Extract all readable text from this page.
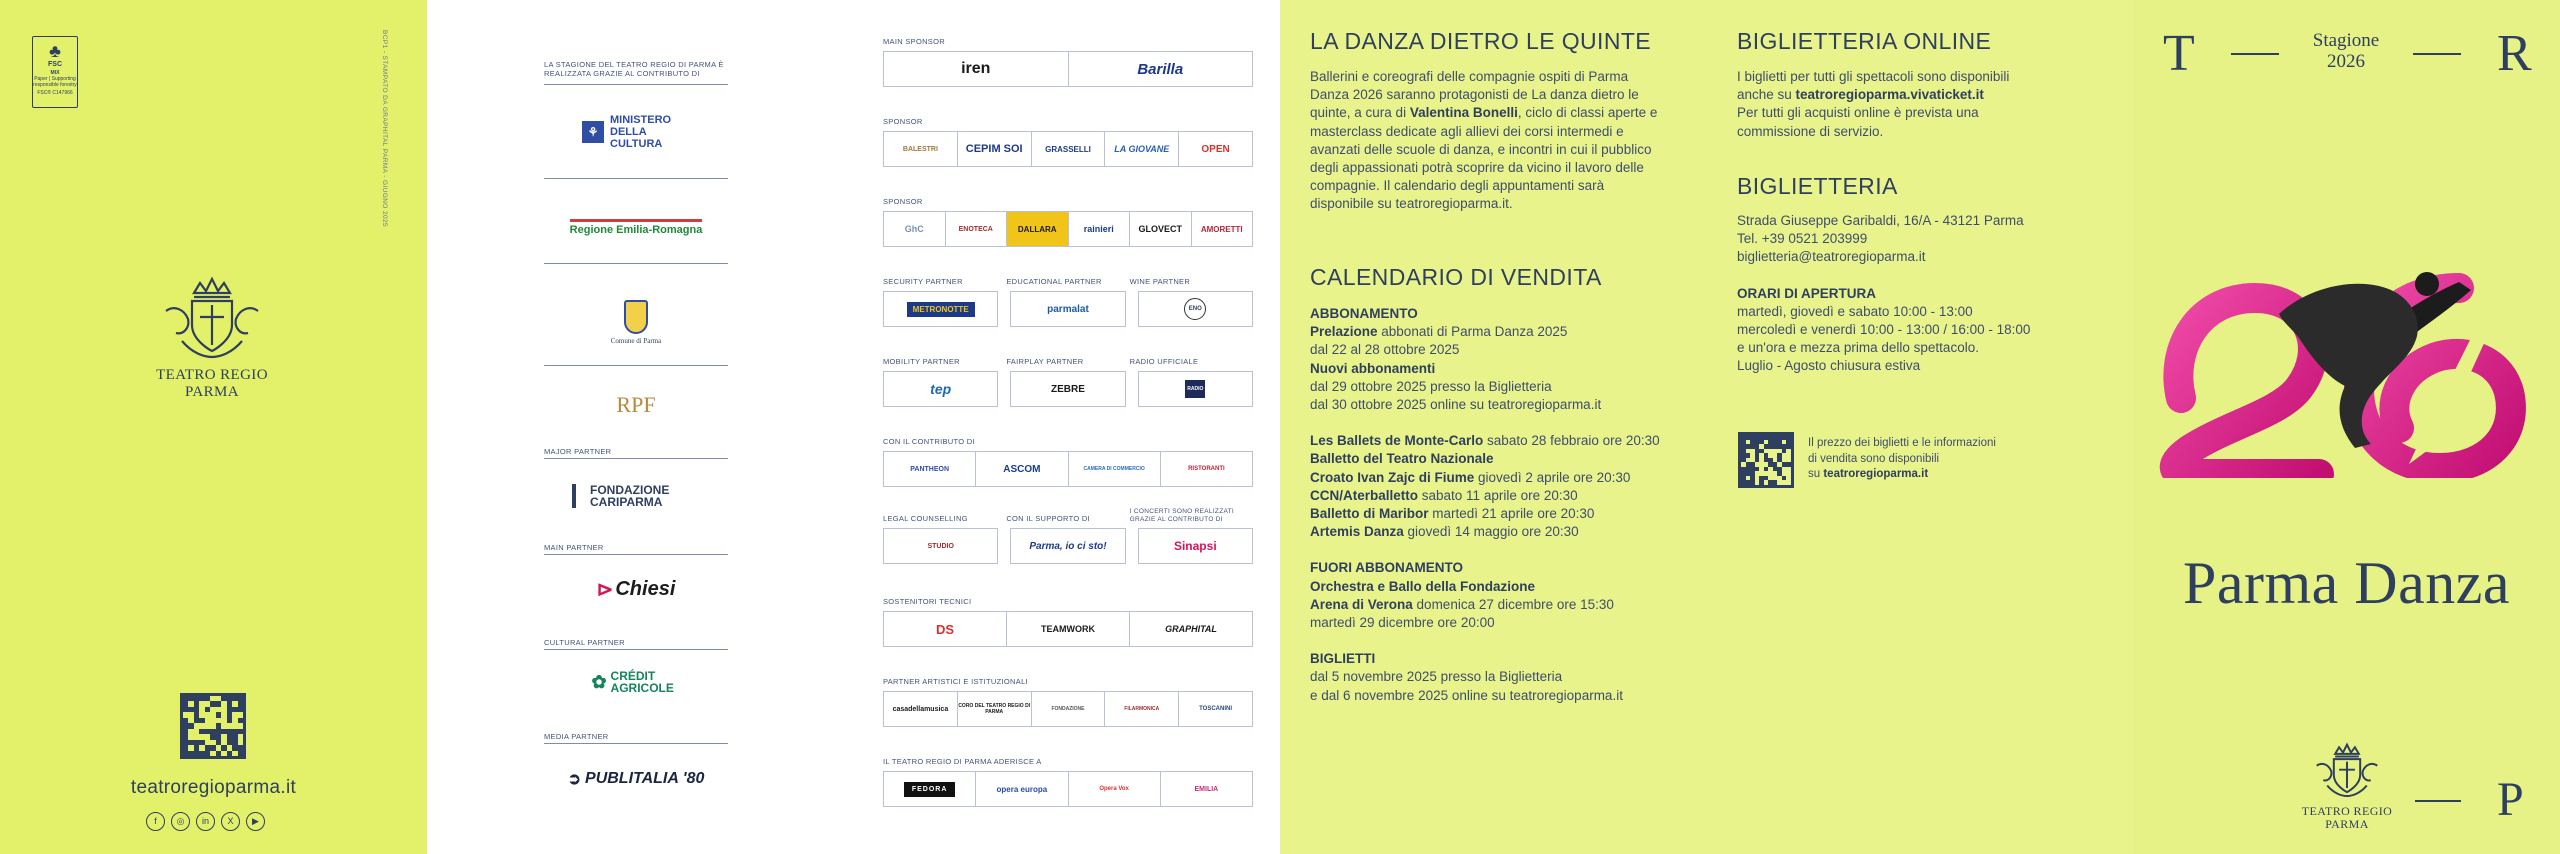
♣
FSC
MIX
Paper | Supporting responsible forestry
FSC® C147966	BCP1 - STAMPATO DA GRAPHITAL PARMA - GIUGNO 2025
TEATRO REGIO
PARMA
teatroregioparma.it
f	◎	in	X	▶
LA STAGIONE DEL TEATRO REGIO DI PARMA È REALIZZATA GRAZIE AL CONTRIBUTO DI
⚘
MINISTERO DELLA CULTURA
Regione Emilia-Romagna
Comune di Parma
RPF
MAJOR PARTNER
FONDAZIONE CARIPARMA
MAIN PARTNER
⊳ Chiesi
CULTURAL PARTNER
✿ CRÉDIT AGRICOLE
MEDIA PARTNER
➲ PUBLITALIA '80
MAIN SPONSOR
iren	Barilla
SPONSOR
BALESTRI	CEPIM SOI	GRASSELLI	LA GIOVANE	OPEN
SPONSOR
GhC	ENOTECA	DALLARA	rainieri	GLOVECT	AMORETTI
SECURITY PARTNER	EDUCATIONAL PARTNER	WINE PARTNER
METRONOTTE	parmalat	ENO
MOBILITY PARTNER	FAIRPLAY PARTNER	RADIO UFFICIALE
tep	ZEBRE	RADIO
CON IL CONTRIBUTO DI
PANTHEON	ASCOM	CAMERA DI COMMERCIO	RISTORANTI
LEGAL COUNSELLING	CON IL SUPPORTO DI
I CONCERTI SONO REALIZZATI GRAZIE AL CONTRIBUTO DI
STUDIO	Parma, io ci sto!	Sinapsi
SOSTENITORI TECNICI
DS	TEAMWORK	GRAPHITAL
PARTNER ARTISTICI E ISTITUZIONALI
casadellamusica	CORO DEL TEATRO REGIO DI PARMA	FONDAZIONE	FILARMONICA	TOSCANINI
IL TEATRO REGIO DI PARMA ADERISCE A
FEDORA	opera europa	Opera Vox	EMILIA
LA DANZA DIETRO LE QUINTE
Ballerini e coreografi delle compagnie ospiti di Parma Danza 2026 saranno protagonisti de La danza dietro le quinte, a cura di Valentina Bonelli, ciclo di classi aperte e masterclass dedicate agli allievi dei corsi intermedi e avanzati delle scuole di danza, e incontri in cui il pubblico degli appassionati potrà scoprire da vicino il lavoro delle compagnie. Il calendario degli appuntamenti sarà disponibile su teatroregioparma.it.
CALENDARIO DI VENDITA
ABBONAMENTO
Prelazione abbonati di Parma Danza 2025
dal 22 al 28 ottobre 2025
Nuovi abbonamenti
dal 29 ottobre 2025 presso la Biglietteria
dal 30 ottobre 2025 online su teatroregioparma.it
Les Ballets de Monte-Carlo sabato 28 febbraio ore 20:30
Balletto del Teatro Nazionale
Croato Ivan Zajc di Fiume giovedì 2 aprile ore 20:30
CCN/Aterballetto sabato 11 aprile ore 20:30
Balletto di Maribor martedì 21 aprile ore 20:30
Artemis Danza giovedì 14 maggio ore 20:30
FUORI ABBONAMENTO
Orchestra e Ballo della Fondazione
Arena di Verona domenica 27 dicembre ore 15:30
martedì 29 dicembre ore 20:00
BIGLIETTI
dal 5 novembre 2025 presso la Biglietteria
e dal 6 novembre 2025 online su teatroregioparma.it
BIGLIETTERIA ONLINE
I biglietti per tutti gli spettacoli sono disponibili
anche su teatroregioparma.vivaticket.it
Per tutti gli acquisti online è prevista una
commissione di servizio.
BIGLIETTERIA
Strada Giuseppe Garibaldi, 16/A - 43121 Parma
Tel. +39 0521 203999
biglietteria@teatroregioparma.it
ORARI DI APERTURA
martedì, giovedì e sabato 10:00 - 13:00
mercoledì e venerdì 10:00 - 13:00 / 16:00 - 18:00
e un'ora e mezza prima dello spettacolo.
Luglio - Agosto chiusura estiva
Il prezzo dei biglietti e le informazioni
di vendita sono disponibili
su teatroregioparma.it
T	Stagione
2026	R
Parma Danza
TEATRO REGIO
PARMA	P
